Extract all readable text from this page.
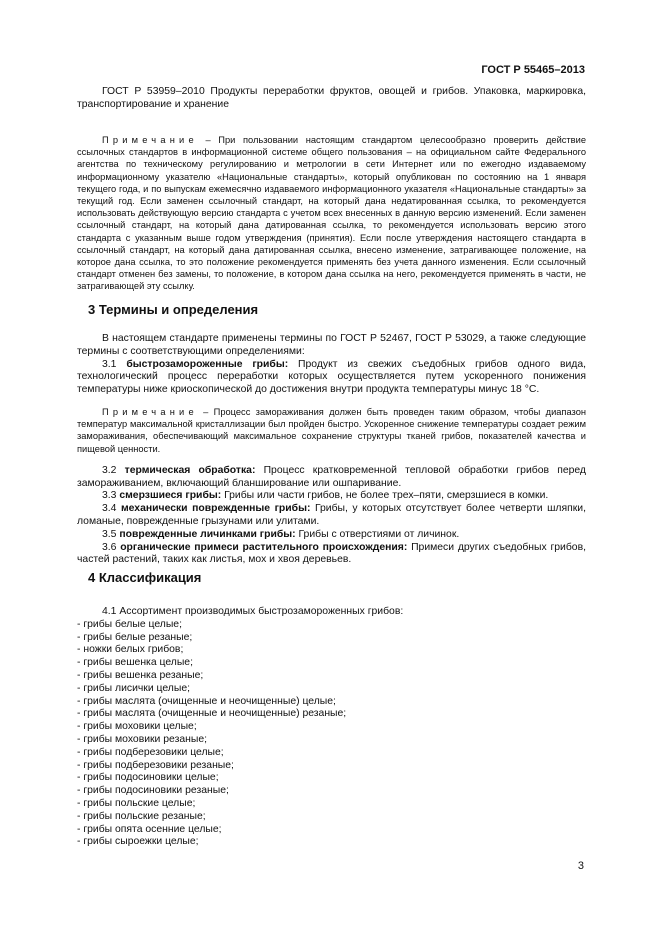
ГОСТ Р 55465–2013

ГОСТ Р 53959–2010 Продукты переработки фруктов, овощей и грибов. Упаковка, маркировка, транспортирование и хранение

Примечание – При пользовании настоящим стандартом целесообразно проверить действие ссылочных стандартов в информационной системе общего пользования – на официальном сайте Федерального агентства по техническому регулированию и метрологии в сети Интернет или по ежегодно издаваемому информационному указателю «Национальные стандарты», который опубликован по состоянию на 1 января текущего года, и по выпускам ежемесячно издаваемого информационного указателя «Национальные стандарты» за текущий год. Если заменен ссылочный стандарт, на который дана недатированная ссылка, то рекомендуется использовать действующую версию стандарта с учетом всех внесенных в данную версию изменений. Если заменен ссылочный стандарт, на который дана датированная ссылка, то рекомендуется использовать версию этого стандарта с указанным выше годом утверждения (принятия). Если после утверждения настоящего стандарта в ссылочный стандарт, на который дана датированная ссылка, внесено изменение, затрагивающее положение, на которое дана ссылка, то это положение рекомендуется применять без учета данного изменения. Если ссылочный стандарт отменен без замены, то положение, в котором дана ссылка на него, рекомендуется применять в части, не затрагивающей эту ссылку.

3 Термины и определения

В настоящем стандарте применены термины по ГОСТ Р 52467, ГОСТ Р 53029, а также следующие термины с соответствующими определениями:

3.1 быстрозамороженные грибы: Продукт из свежих съедобных грибов одного вида, технологический процесс переработки которых осуществляется путем ускоренного понижения температуры ниже криоскопической до достижения внутри продукта температуры минус 18 °С.

Примечание – Процесс замораживания должен быть проведен таким образом, чтобы диапазон температур максимальной кристаллизации был пройден быстро. Ускоренное снижение температуры создает режим замораживания, обеспечивающий максимальное сохранение структуры тканей грибов, показателей качества и пищевой ценности.

3.2 термическая обработка: Процесс кратковременной тепловой обработки грибов перед замораживанием, включающий бланширование или ошпаривание.

3.3 смерзшиеся грибы: Грибы или части грибов, не более трех–пяти, смерзшиеся в комки.

3.4 механически поврежденные грибы: Грибы, у которых отсутствует более четверти шляпки, ломаные, поврежденные грызунами или улитами.

3.5 поврежденные личинками грибы: Грибы с отверстиями от личинок.

3.6 органические примеси растительного происхождения: Примеси других съедобных грибов, частей растений, таких как листья, мох и хвоя деревьев.

4 Классификация

4.1 Ассортимент производимых быстрозамороженных грибов:

- грибы белые целые;
- грибы белые резаные;
- ножки белых грибов;
- грибы вешенка целые;
- грибы вешенка резаные;
- грибы лисички целые;
- грибы маслята (очищенные и неочищенные) целые;
- грибы маслята (очищенные и неочищенные) резаные;
- грибы моховики целые;
- грибы моховики резаные;
- грибы подберезовики целые;
- грибы подберезовики резаные;
- грибы подосиновики целые;
- грибы подосиновики резаные;
- грибы польские целые;
- грибы польские резаные;
- грибы опята осенние целые;
- грибы сыроежки целые;
3
